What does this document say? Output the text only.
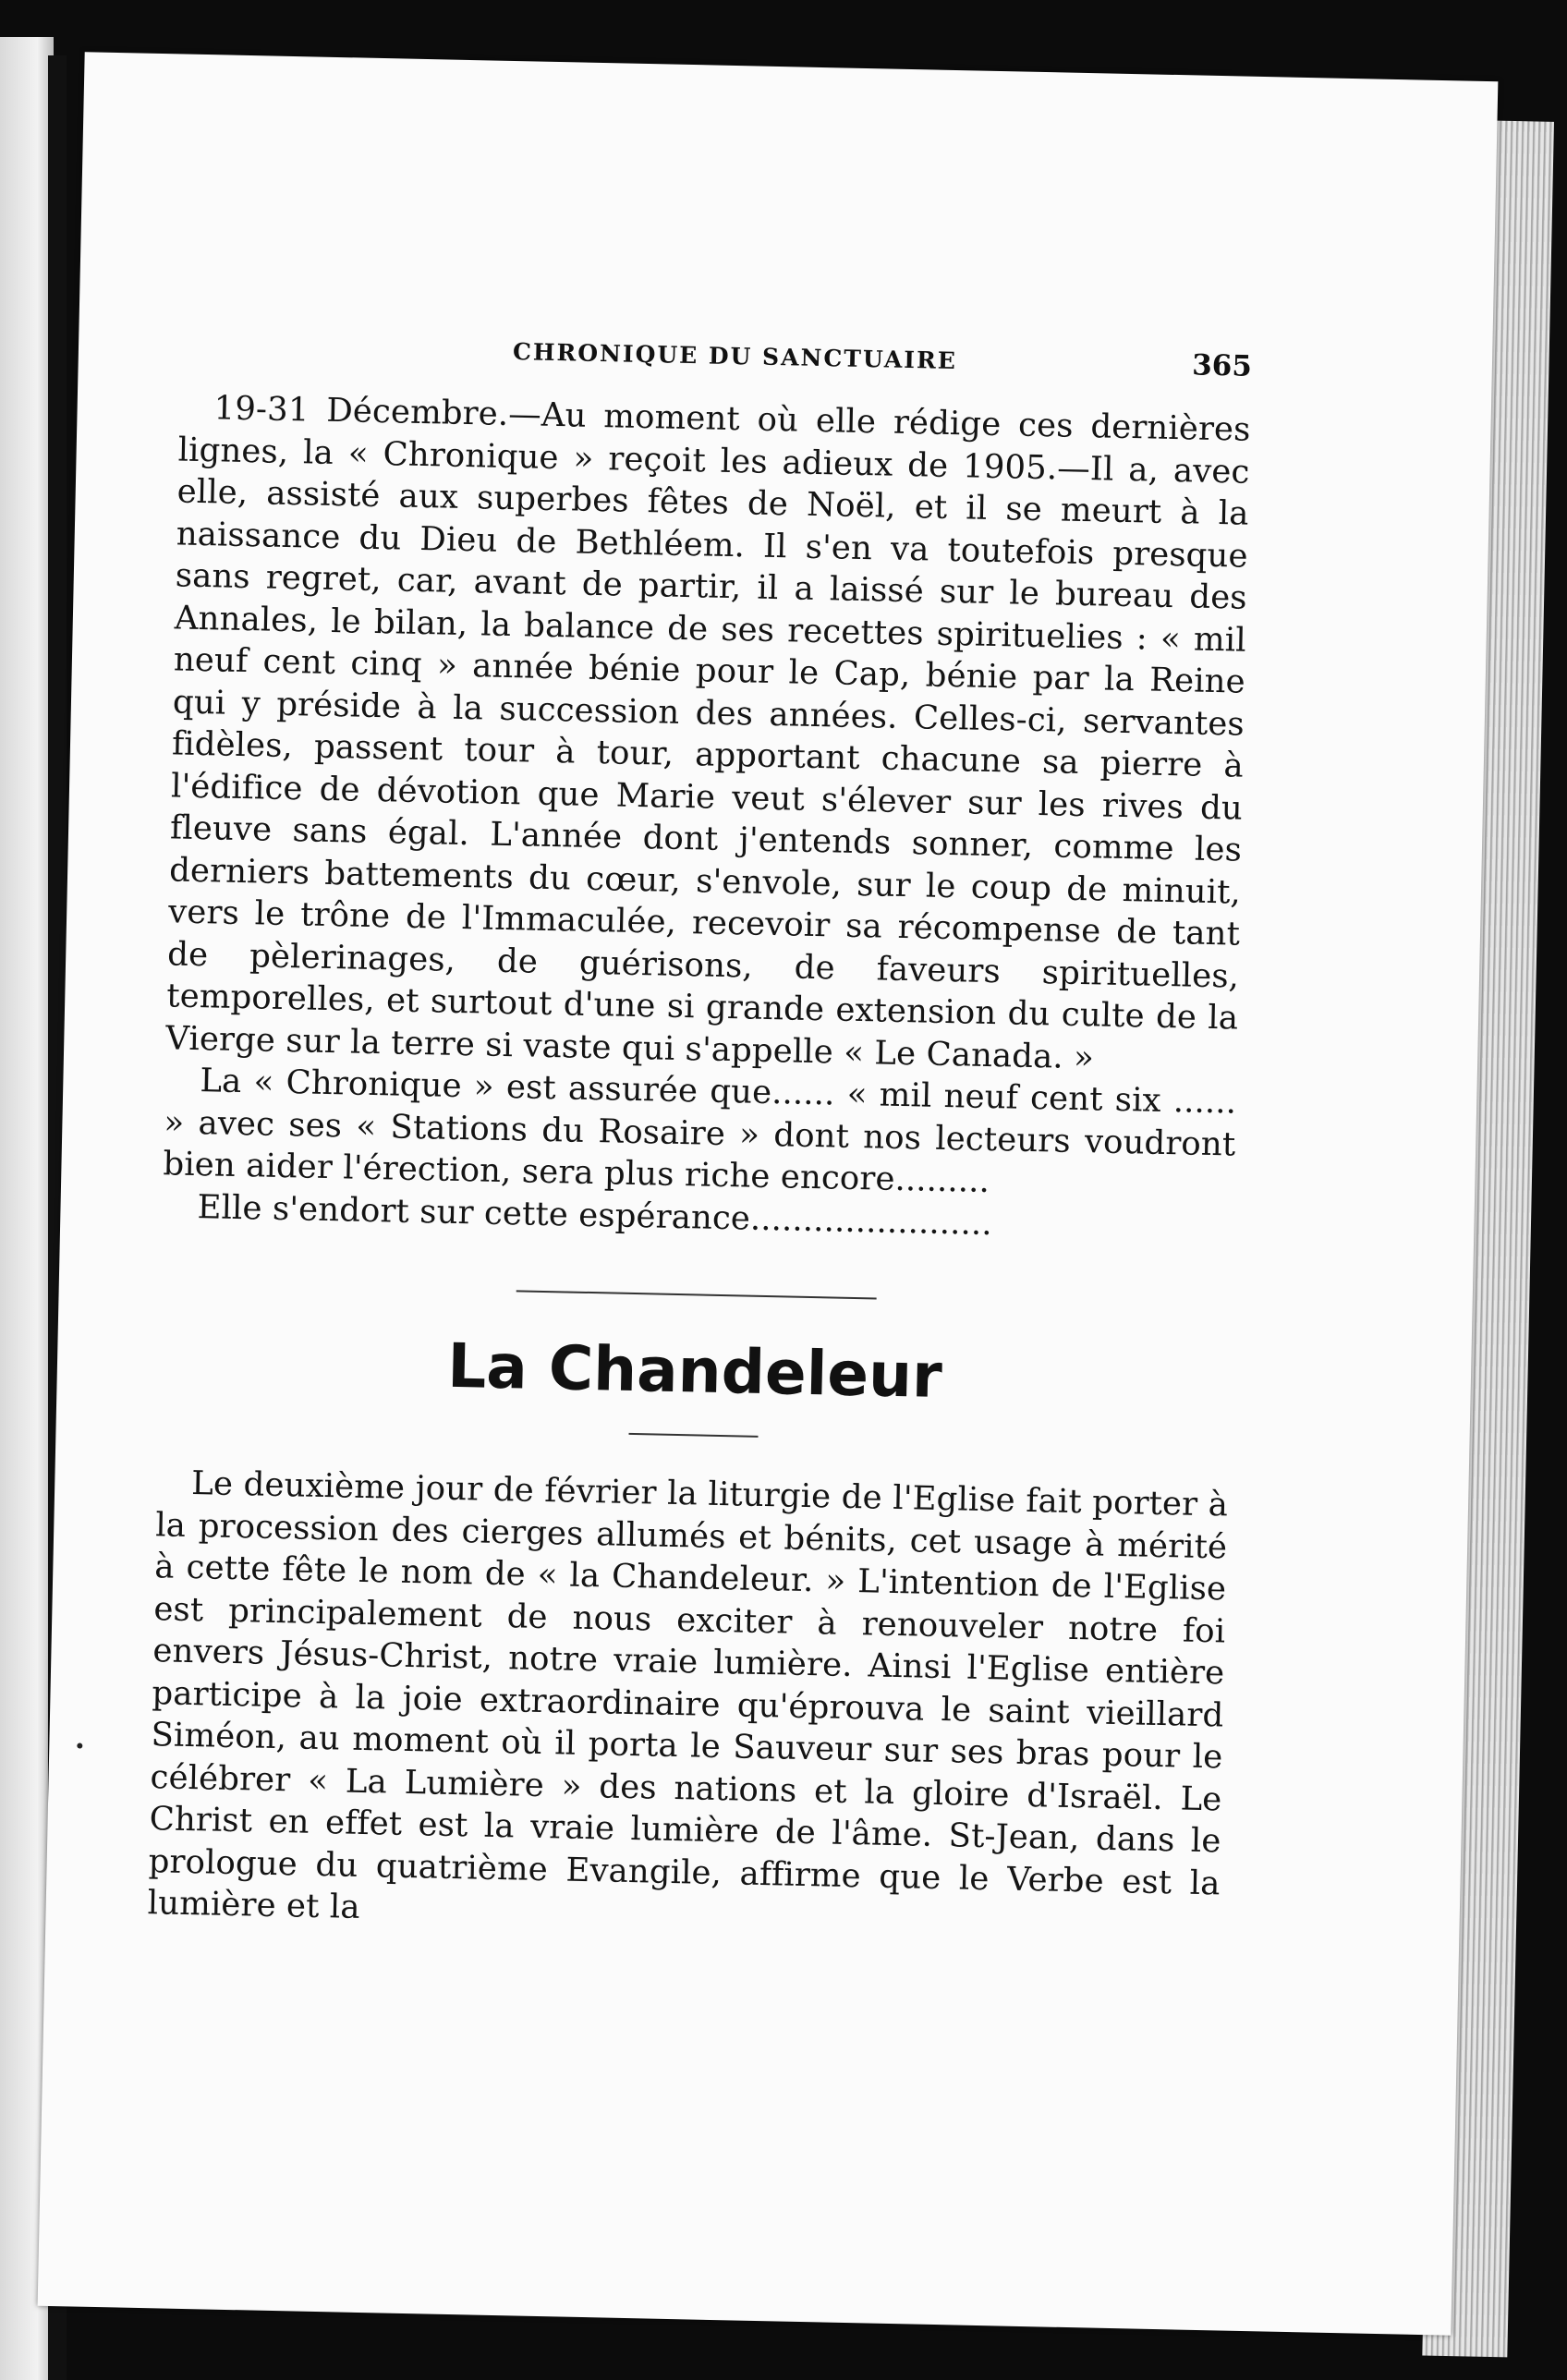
CHRONIQUE DU SANCTUAIRE	365

19-31 Décembre.—Au moment où elle rédige ces dernières lignes, la « Chronique » reçoit les adieux de 1905.—Il a, avec elle, assisté aux superbes fêtes de Noël, et il se meurt à la naissance du Dieu de Bethléem. Il s'en va toutefois presque sans regret, car, avant de partir, il a laissé sur le bureau des Annales, le bilan, la balance de ses recettes spirituelies : « mil neuf cent cinq » année bénie pour le Cap, bénie par la Reine qui y préside à la succession des années. Celles-ci, servantes fidèles, passent tour à tour, apportant chacune sa pierre à l'édifice de dévotion que Marie veut s'élever sur les rives du fleuve sans égal. L'année dont j'entends sonner, comme les derniers battements du cœur, s'envole, sur le coup de minuit, vers le trône de l'Immaculée, recevoir sa récompense de tant de pèlerinages, de guérisons, de faveurs spirituelles, temporelles, et surtout d'une si grande extension du culte de la Vierge sur la terre si vaste qui s'appelle « Le Canada. »

La « Chronique » est assurée que...... « mil neuf cent six ...... » avec ses « Stations du Rosaire » dont nos lecteurs voudront bien aider l'érection, sera plus riche encore.........

Elle s'endort sur cette espérance.......................

La Chandeleur

Le deuxième jour de février la liturgie de l'Eglise fait porter à la procession des cierges allumés et bénits, cet usage à mérité à cette fête le nom de « la Chandeleur. » L'intention de l'Eglise est principalement de nous exciter à renouveler notre foi envers Jésus-Christ, notre vraie lumière. Ainsi l'Eglise entière participe à la joie extraordinaire qu'éprouva le saint vieillard Siméon, au moment où il porta le Sauveur sur ses bras pour le célébrer « La Lumière » des nations et la gloire d'Israël. Le Christ en effet est la vraie lumière de l'âme. St-Jean, dans le prologue du quatrième Evangile, affirme que le Verbe est la lumière et la
